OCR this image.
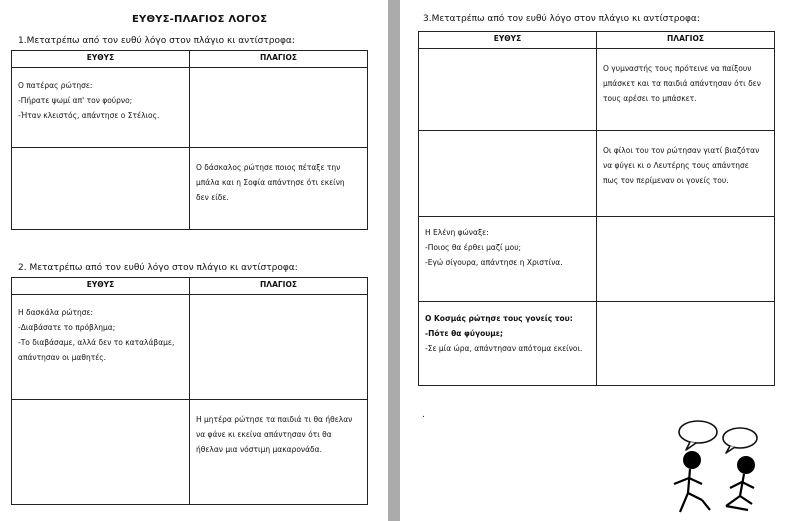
ΕΥΘΥΣ-ΠΛΑΓΙΟΣ ΛΟΓΟΣ
1.Μετατρέπω από τον ευθύ λόγο στον πλάγιο κι αντίστροφα:
ΕΥΘΥΣ	ΠΛΑΓΙΟΣ

Ο πατέρας ρώτησε:
-Πήρατε ψωμί απ' τον φούρνο;
-Ήταν κλειστός, απάντησε ο Στέλιος.	

	Ο δάσκαλος ρώτησε ποιος πέταξε την
μπάλα και η Σοφία απάντησε ότι εκείνη
δεν είδε.
2. Μετατρέπω από τον ευθύ λόγο στον πλάγιο κι αντίστροφα:
ΕΥΘΥΣ	ΠΛΑΓΙΟΣ

Η δασκάλα ρώτησε:
-Διαβάσατε το πρόβλημα;
-Το διαβάσαμε, αλλά δεν το καταλάβαμε,
απάντησαν οι μαθητές.	

	Η μητέρα ρώτησε τα παιδιά τι θα ήθελαν
να φάνε κι εκείνα απάντησαν ότι θα
ήθελαν μια νόστιμη μακαρονάδα.
3.Μετατρέπω από τον ευθύ λόγο στον πλάγιο κι αντίστροφα:
ΕΥΘΥΣ	ΠΛΑΓΙΟΣ

	Ο γυμναστής τους πρότεινε να παίξουν
μπάσκετ και τα παιδιά απάντησαν ότι δεν
τους αρέσει το μπάσκετ.

	Οι φίλοι του τον ρώτησαν γιατί βιαζόταν
να φύγει κι ο Λευτέρης τους απάντησε
πως τον περίμεναν οι γονείς του.

Η Ελένη φώναξε:
-Ποιος θα έρθει μαζί μου;
-Εγώ σίγουρα, απάντησε η Χριστίνα.	

Ο Κοσμάς ρώτησε τους γονείς του:
-Πότε θα φύγουμε;
-Σε μία ώρα, απάντησαν απότομα εκείνοι.	

.
